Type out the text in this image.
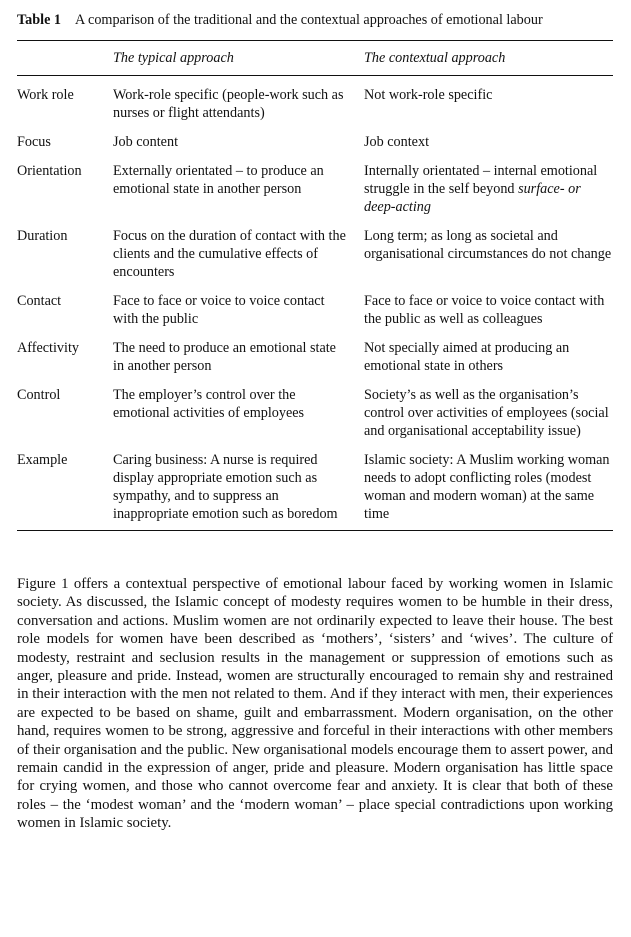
Table 1 A comparison of the traditional and the contextual approaches of emotional labour
	The typical approach	The contextual approach
Work role	Work-role specific (people-work such as nurses or flight attendants)	Not work-role specific
Focus	Job content	Job context
Orientation	Externally orientated – to produce an emotional state in another person	Internally orientated – internal emotional struggle in the self beyond surface- or deep-acting
Duration	Focus on the duration of contact with the clients and the cumulative effects of encounters	Long term; as long as societal and organisational circumstances do not change
Contact	Face to face or voice to voice contact with the public	Face to face or voice to voice contact with the public as well as colleagues
Affectivity	The need to produce an emotional state in another person	Not specially aimed at producing an emotional state in others
Control	The employer’s control over the emotional activities of employees	Society’s as well as the organisation’s control over activities of employees (social and organisational acceptability issue)
Example	Caring business: A nurse is required display appropriate emotion such as sympathy, and to suppress an inappropriate emotion such as boredom	Islamic society: A Muslim working woman needs to adopt conflicting roles (modest woman and modern woman) at the same time

Figure 1 offers a contextual perspective of emotional labour faced by working women in Islamic society. As discussed, the Islamic concept of modesty requires women to be humble in their dress, conversation and actions. Muslim women are not ordinarily expected to leave their house. The best role models for women have been described as ‘mothers’, ‘sisters’ and ‘wives’. The culture of modesty, restraint and seclusion results in the management or suppression of emotions such as anger, pleasure and pride. Instead, women are structurally encouraged to remain shy and restrained in their interaction with the men not related to them. And if they interact with men, their experiences are expected to be based on shame, guilt and embarrassment. Modern organisation, on the other hand, requires women to be strong, aggressive and forceful in their interactions with other members of their organisation and the public. New organisational models encourage them to assert power, and remain candid in the expression of anger, pride and pleasure. Modern organisation has little space for crying women, and those who cannot overcome fear and anxiety. It is clear that both of these roles – the ‘modest woman’ and the ‘modern woman’ – place special contradictions upon working women in Islamic society.
